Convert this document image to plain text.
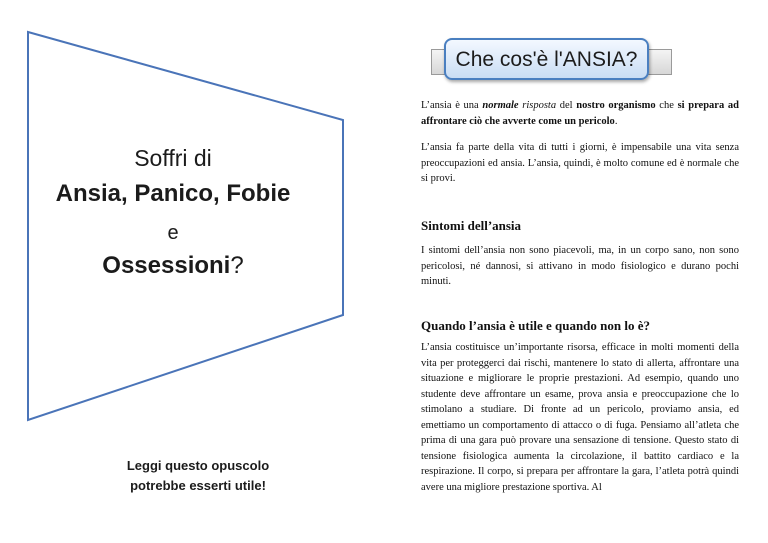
Soffri di
Ansia, Panico, Fobie
e
Ossessioni?
Leggi questo opuscolo
potrebbe esserti utile!
Che cos'è l'ANSIA?
L’ansia è una normale risposta del nostro organismo che si prepara ad affrontare ciò che avverte come un pericolo.
L’ansia fa parte della vita di tutti i giorni, è impensabile una vita senza preoccupazioni ed ansia. L’ansia, quindi, è molto comune ed è normale che si provi.
Sintomi dell’ansia
I sintomi dell’ansia non sono piacevoli, ma, in un corpo sano, non sono pericolosi, né dannosi, si attivano in modo fisiologico e durano pochi minuti.
Quando l’ansia è utile e quando non lo è?
L’ansia costituisce un’importante risorsa, efficace in molti momenti della vita per proteggerci dai rischi, mantenere lo stato di allerta, affrontare una situazione e migliorare le proprie prestazioni. Ad esempio, quando uno studente deve affrontare un esame, prova ansia e preoccupazione che lo stimolano a studiare. Di fronte ad un pericolo, proviamo ansia, ed emettiamo un comportamento di attacco o di fuga. Pensiamo all’atleta che prima di una gara può provare una sensazione di tensione. Questo stato di tensione fisiologica aumenta la circolazione, il battito cardiaco e la respirazione. Il corpo, si prepara per affrontare la gara, l’atleta potrà quindi avere una migliore prestazione sportiva. Al
